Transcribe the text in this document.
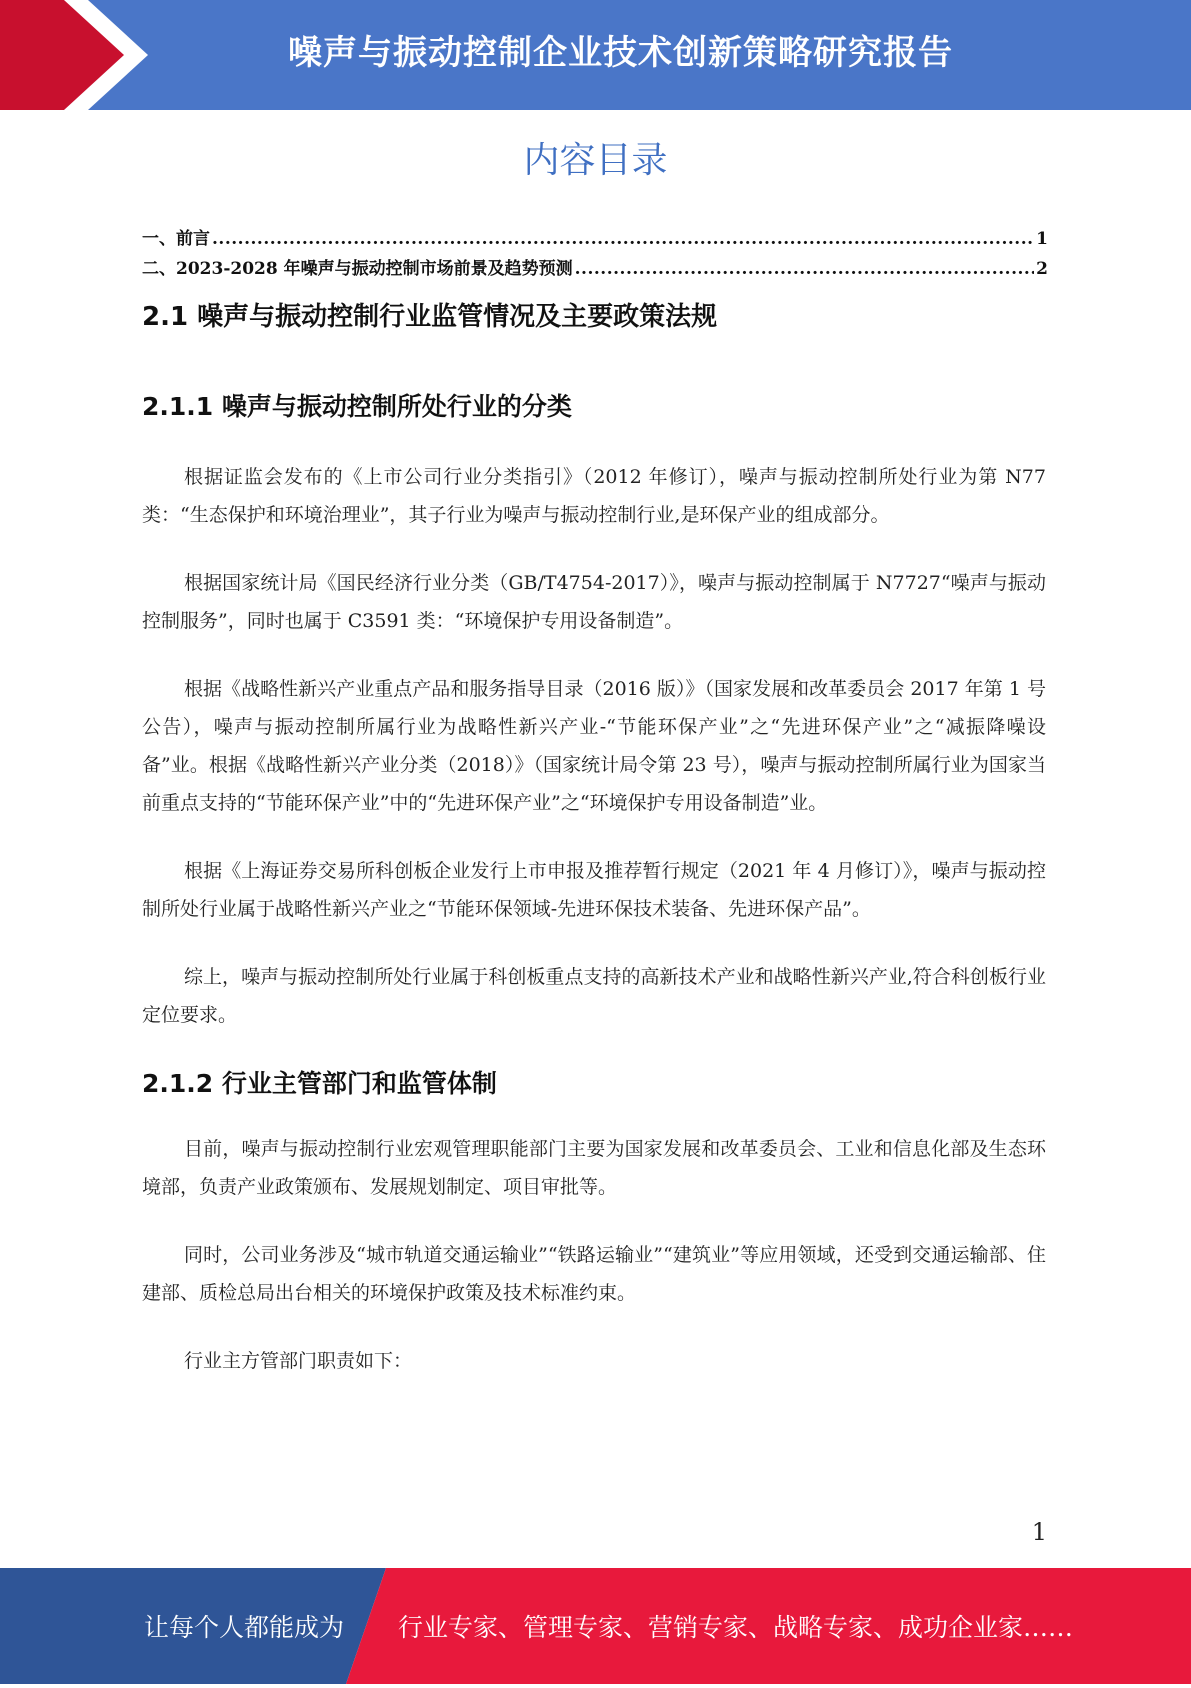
噪声与振动控制企业技术创新策略研究报告
内容目录
一、前言 .....	1
二、2023-2028 年噪声与振动控制市场前景及趋势预测 .....	2
2.1 噪声与振动控制行业监管情况及主要政策法规
2.1.1 噪声与振动控制所处行业的分类

根据证监会发布的《上市公司行业分类指引》（2012 年修订），噪声与振动控制所处行业为第 N77 类：“生态保护和环境治理业”，其子行业为噪声与振动控制行业,是环保产业的组成部分。

根据国家统计局《国民经济行业分类（GB/T4754-2017）》，噪声与振动控制属于 N7727“噪声与振动控制服务”，同时也属于 C3591 类：“环境保护专用设备制造”。

根据《战略性新兴产业重点产品和服务指导目录（2016 版）》（国家发展和改革委员会 2017 年第 1 号公告），噪声与振动控制所属行业为战略性新兴产业-“节能环保产业”之“先进环保产业”之“减振降噪设备”业。根据《战略性新兴产业分类（2018）》（国家统计局令第 23 号），噪声与振动控制所属行业为国家当前重点支持的“节能环保产业”中的“先进环保产业”之“环境保护专用设备制造”业。

根据《上海证券交易所科创板企业发行上市申报及推荐暂行规定（2021 年 4 月修订）》，噪声与振动控制所处行业属于战略性新兴产业之“节能环保领域-先进环保技术装备、先进环保产品”。

综上，噪声与振动控制所处行业属于科创板重点支持的高新技术产业和战略性新兴产业,符合科创板行业定位要求。

2.1.2 行业主管部门和监管体制

目前，噪声与振动控制行业宏观管理职能部门主要为国家发展和改革委员会、工业和信息化部及生态环境部，负责产业政策颁布、发展规划制定、项目审批等。

同时，公司业务涉及“城市轨道交通运输业”“铁路运输业”“建筑业”等应用领域，还受到交通运输部、住建部、质检总局出台相关的环境保护政策及技术标准约束。

行业主方管部门职责如下：

1
让每个人都能成为 行业专家、管理专家、营销专家、战略专家、成功企业家……
